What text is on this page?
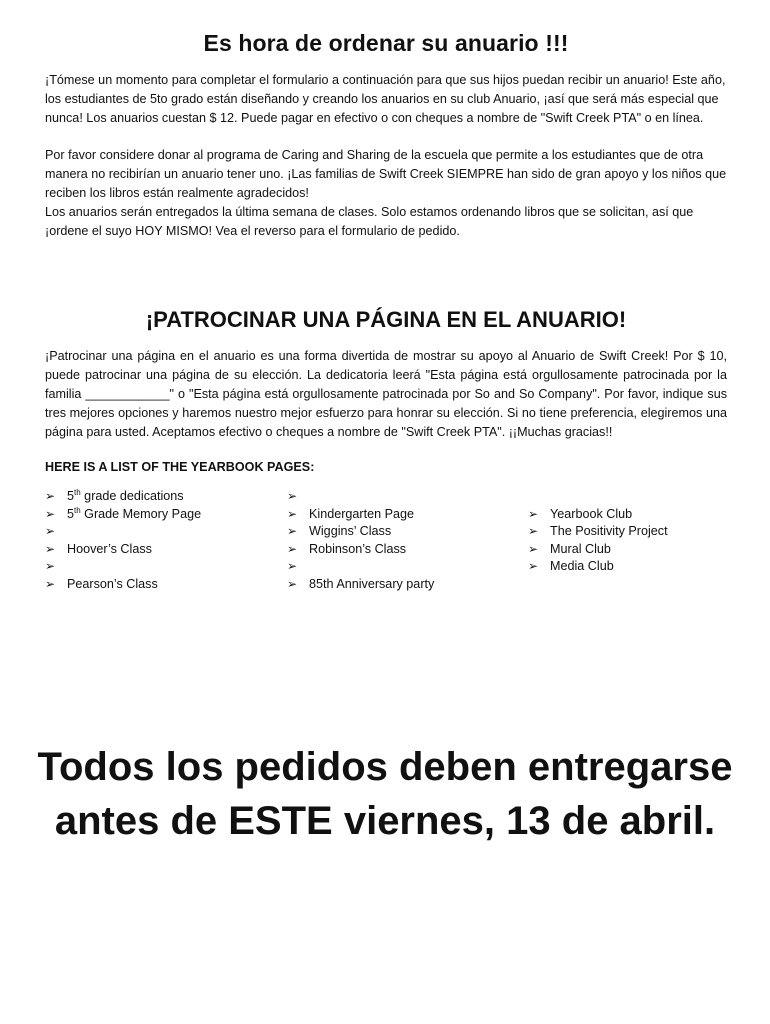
Es hora de ordenar su anuario !!!

¡Tómese un momento para completar el formulario a continuación para que sus hijos puedan recibir un anuario! Este año, los estudiantes de 5to grado están diseñando y creando los anuarios en su club Anuario, ¡así que será más especial que nunca! Los anuarios cuestan $ 12. Puede pagar en efectivo o con cheques a nombre de "Swift Creek PTA" o en línea.

Por favor considere donar al programa de Caring and Sharing de la escuela que permite a los estudiantes que de otra manera no recibirían un anuario tener uno. ¡Las familias de Swift Creek SIEMPRE han sido de gran apoyo y los niños que reciben los libros están realmente agradecidos!

Los anuarios serán entregados la última semana de clases. Solo estamos ordenando libros que se solicitan, así que ¡ordene el suyo HOY MISMO! Vea el reverso para el formulario de pedido.

¡PATROCINAR UNA PÁGINA EN EL ANUARIO!

¡Patrocinar una página en el anuario es una forma divertida de mostrar su apoyo al Anuario de Swift Creek! Por $ 10, puede patrocinar una página de su elección. La dedicatoria leerá "Esta página está orgullosamente patrocinada por la familia ____________" o "Esta página está orgullosamente patrocinada por So and So Company". Por favor, indique sus tres mejores opciones y haremos nuestro mejor esfuerzo para honrar su elección. Si no tiene preferencia, elegiremos una página para usted. Aceptamos efectivo o cheques a nombre de "Swift Creek PTA". ¡¡Muchas gracias!!

HERE IS A LIST OF THE YEARBOOK PAGES:
➢ 5th grade dedications
➢ 5th Grade Memory Page
➢
➢ Hoover’s Class
➢
➢ Pearson’s Class
➢
➢ Kindergarten Page
➢ Wiggins’ Class
➢ Robinson’s Class
➢
➢ 85th Anniversary party
➢ Yearbook Club
➢ The Positivity Project
➢ Mural Club
➢ Media Club
Todos los pedidos deben entregarse
antes de ESTE viernes, 13 de abril.
